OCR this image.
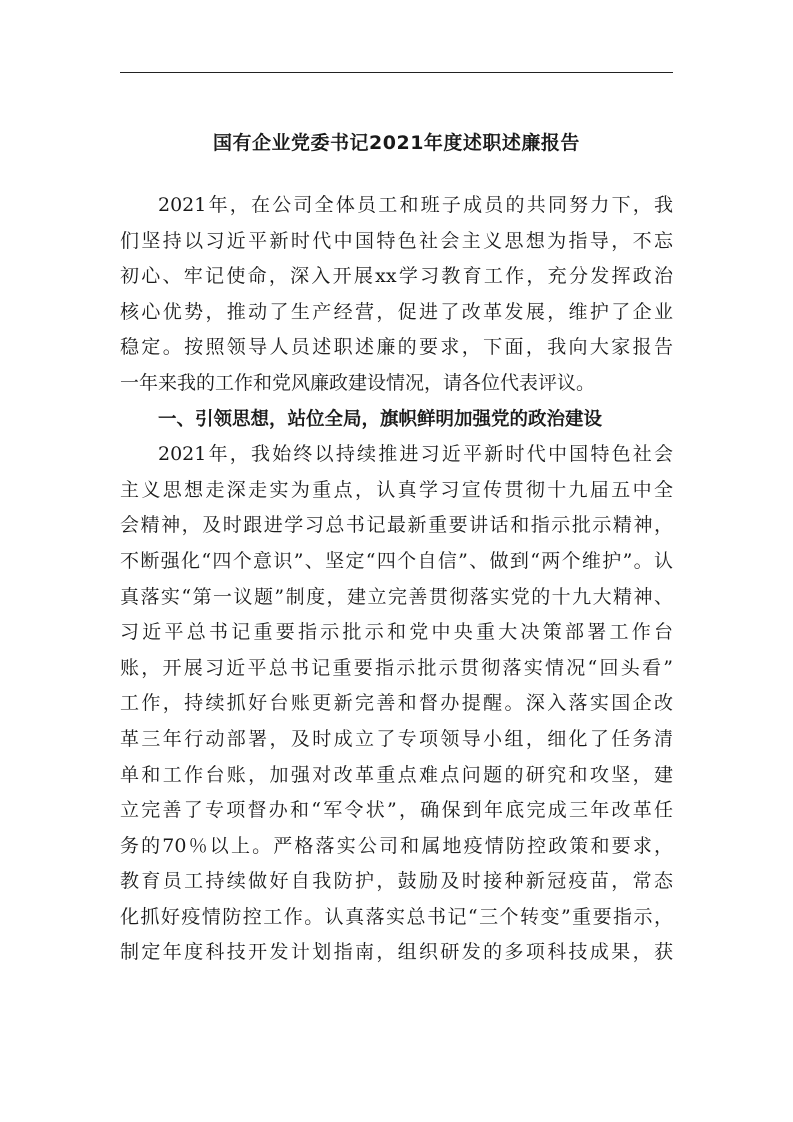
国有企业党委书记2021年度述职述廉报告
2021年，在公司全体员工和班子成员的共同努力下，我
们坚持以习近平新时代中国特色社会主义思想为指导，不忘
初心、牢记使命，深入开展xx学习教育工作，充分发挥政治
核心优势，推动了生产经营，促进了改革发展，维护了企业
稳定。按照领导人员述职述廉的要求，下面，我向大家报告
一年来我的工作和党风廉政建设情况，请各位代表评议。
一、引领思想，站位全局，旗帜鲜明加强党的政治建设
2021年，我始终以持续推进习近平新时代中国特色社会
主义思想走深走实为重点，认真学习宣传贯彻十九届五中全
会精神，及时跟进学习总书记最新重要讲话和指示批示精神，
不断强化“四个意识”、坚定“四个自信”、做到“两个维护”。认
真落实“第一议题”制度，建立完善贯彻落实党的十九大精神、
习近平总书记重要指示批示和党中央重大决策部署工作台
账，开展习近平总书记重要指示批示贯彻落实情况“回头看”
工作，持续抓好台账更新完善和督办提醒。深入落实国企改
革三年行动部署，及时成立了专项领导小组，细化了任务清
单和工作台账，加强对改革重点难点问题的研究和攻坚，建
立完善了专项督办和“军令状”，确保到年底完成三年改革任
务的70％以上。严格落实公司和属地疫情防控政策和要求，
教育员工持续做好自我防护，鼓励及时接种新冠疫苗，常态
化抓好疫情防控工作。认真落实总书记“三个转变”重要指示，
制定年度科技开发计划指南，组织研发的多项科技成果，获
